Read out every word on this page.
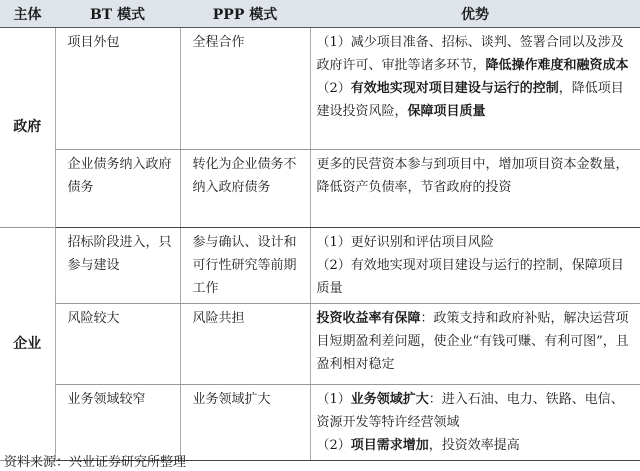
主体	BT 模式	PPP 模式	优势
政府	项目外包	全程合作	（1）减少项目准备、招标、谈判、签署合同以及涉及政府许可、审批等诸多环节，降低操作难度和融资成本
（2）有效地实现对项目建设与运行的控制，降低项目建设投资风险，保障项目质量
	企业债务纳入政府债务	转化为企业债务不纳入政府债务	更多的民营资本参与到项目中，增加项目资本金数量，降低资产负债率，节省政府的投资
企业	招标阶段进入，只参与建设	参与确认、设计和可行性研究等前期工作	（1）更好识别和评估项目风险
（2）有效地实现对项目建设与运行的控制，保障项目质量
	风险较大	风险共担	投资收益率有保障：政策支持和政府补贴，解决运营项目短期盈利差问题，使企业“有钱可赚、有利可图”，且盈利相对稳定
	业务领域较窄	业务领域扩大	（1）业务领域扩大：进入石油、电力、铁路、电信、资源开发等特许经营领域
（2）项目需求增加，投资效率提高
资料来源：兴业证券研究所整理
